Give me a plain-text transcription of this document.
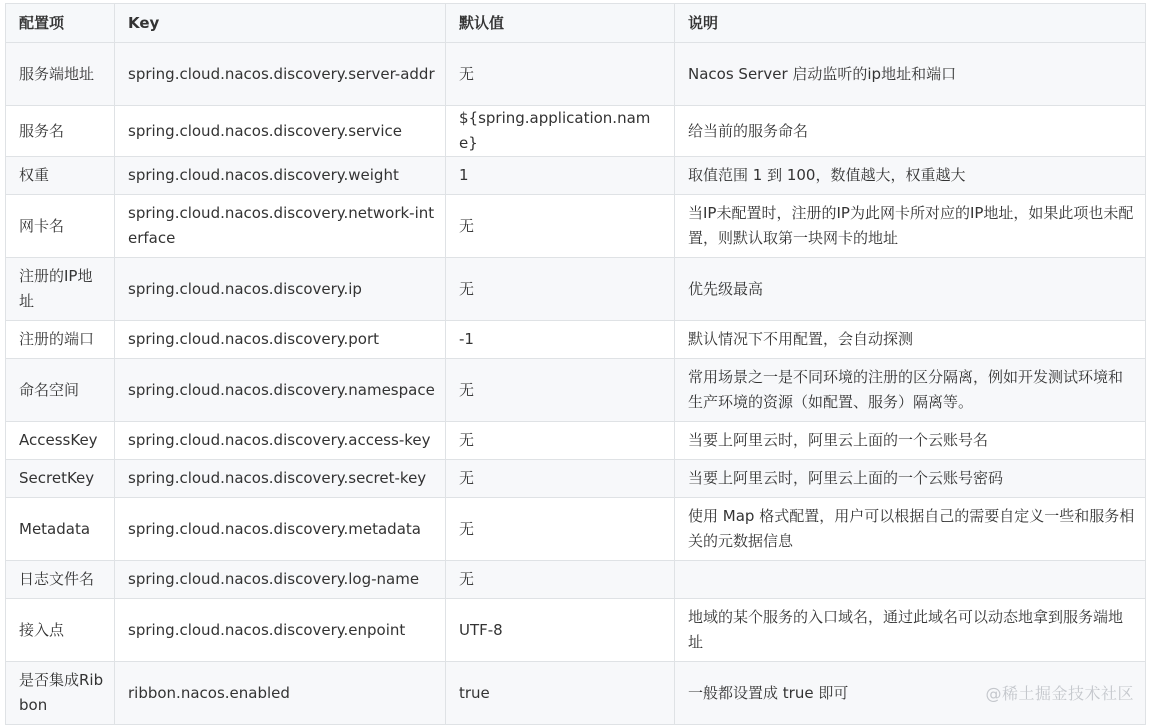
配置项	Key	默认值	说明
服务端地址	spring.cloud.nacos.discovery.server-addr	无	Nacos Server 启动监听的ip地址和端口
服务名	spring.cloud.nacos.discovery.service	${spring.application.name}	给当前的服务命名
权重	spring.cloud.nacos.discovery.weight	1	取值范围 1 到 100，数值越大，权重越大
网卡名	spring.cloud.nacos.discovery.network-interface	无	当IP未配置时，注册的IP为此网卡所对应的IP地址，如果此项也未配置，则默认取第一块网卡的地址
注册的IP地址	spring.cloud.nacos.discovery.ip	无	优先级最高
注册的端口	spring.cloud.nacos.discovery.port	-1	默认情况下不用配置，会自动探测
命名空间	spring.cloud.nacos.discovery.namespace	无	常用场景之一是不同环境的注册的区分隔离，例如开发测试环境和生产环境的资源（如配置、服务）隔离等。
AccessKey	spring.cloud.nacos.discovery.access-key	无	当要上阿里云时，阿里云上面的一个云账号名
SecretKey	spring.cloud.nacos.discovery.secret-key	无	当要上阿里云时，阿里云上面的一个云账号密码
Metadata	spring.cloud.nacos.discovery.metadata	无	使用 Map 格式配置，用户可以根据自己的需要自定义一些和服务相关的元数据信息
日志文件名	spring.cloud.nacos.discovery.log-name	无	
接入点	spring.cloud.nacos.discovery.enpoint	UTF-8	地域的某个服务的入口域名，通过此域名可以动态地拿到服务端地址
是否集成Ribbon	ribbon.nacos.enabled	true	一般都设置成 true 即可	@稀土掘金技术社区
